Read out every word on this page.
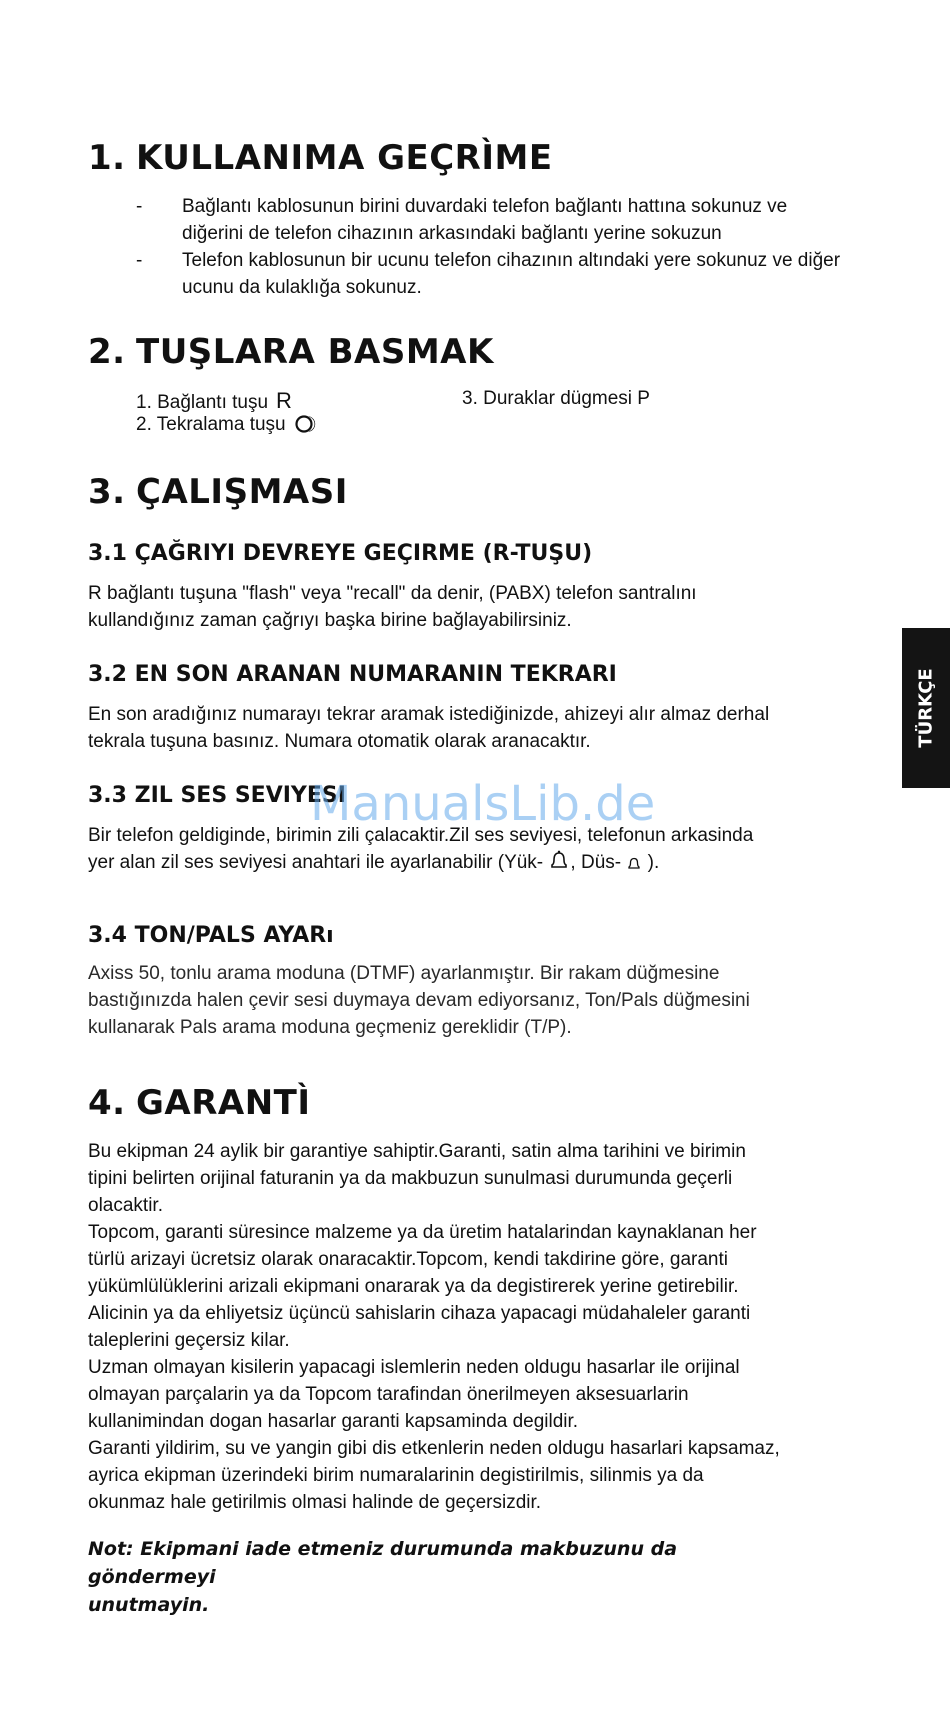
1. KULLANIMA GEÇRÌME
- Bağlantı kablosunun birini duvardaki telefon bağlantı hattına sokunuz ve diğerini de telefon cihazının arkasındaki bağlantı yerine sokuzun
- Telefon kablosunun bir ucunu telefon cihazının altındaki yere sokunuz ve diğer ucunu da kulaklığa sokunuz.
2. TUŞLARA BASMAK
1. Bağlantı tuşu R	3. Duraklar dügmesi P
2. Tekralama tuşu
3. ÇALIŞMASI
3.1 ÇAĞRIYI DEVREYE GEÇIRME (R-TUŞU)

R bağlantı tuşuna "flash" veya "recall" da denir, (PABX) telefon santralını

kullandığınız zaman çağrıyı başka birine bağlayabilirsiniz.

3.2 EN SON ARANAN NUMARANIN TEKRARI

En son aradığınız numarayı tekrar aramak istediğinizde, ahizeyi alır almaz derhal

tekrala tuşuna basınız. Numara otomatik olarak aranacaktır.

3.3 ZIL SES SEVIYESI

Bir telefon geldiginde, birimin zili çalacaktir.Zil ses seviyesi, telefonun arkasinda

yer alan zil ses seviyesi anahtari ile ayarlanabilir (Yük- , Düs- ).

3.4 TON/PALS AYARı

Axiss 50, tonlu arama moduna (DTMF) ayarlanmıştır. Bir rakam düğmesine

bastığınızda halen çevir sesi duymaya devam ediyorsanız, Ton/Pals düğmesini

kullanarak Pals arama moduna geçmeniz gereklidir (T/P).

4. GARANTÌ

Bu ekipman 24 aylik bir garantiye sahiptir.Garanti, satin alma tarihini ve birimin

tipini belirten orijinal faturanin ya da makbuzun sunulmasi durumunda geçerli

olacaktir.

Topcom, garanti süresince malzeme ya da üretim hatalarindan kaynaklanan her

türlü arizayi ücretsiz olarak onaracaktir.Topcom, kendi takdirine göre, garanti

yükümlülüklerini arizali ekipmani onararak ya da degistirerek yerine getirebilir.

Alicinin ya da ehliyetsiz üçüncü sahislarin cihaza yapacagi müdahaleler garanti

taleplerini geçersiz kilar.

Uzman olmayan kisilerin yapacagi islemlerin neden oldugu hasarlar ile orijinal

olmayan parçalarin ya da Topcom tarafindan önerilmeyen aksesuarlarin

kullanimindan dogan hasarlar garanti kapsaminda degildir.

Garanti yildirim, su ve yangin gibi dis etkenlerin neden oldugu hasarlari kapsamaz,

ayrica ekipman üzerindeki birim numaralarinin degistirilmis, silinmis ya da

okunmaz hale getirilmis olmasi halinde de geçersizdir.

Not: Ekipmani iade etmeniz durumunda makbuzunu da göndermeyi
unutmayin.
TÜRKÇE
ManualsLib.de
